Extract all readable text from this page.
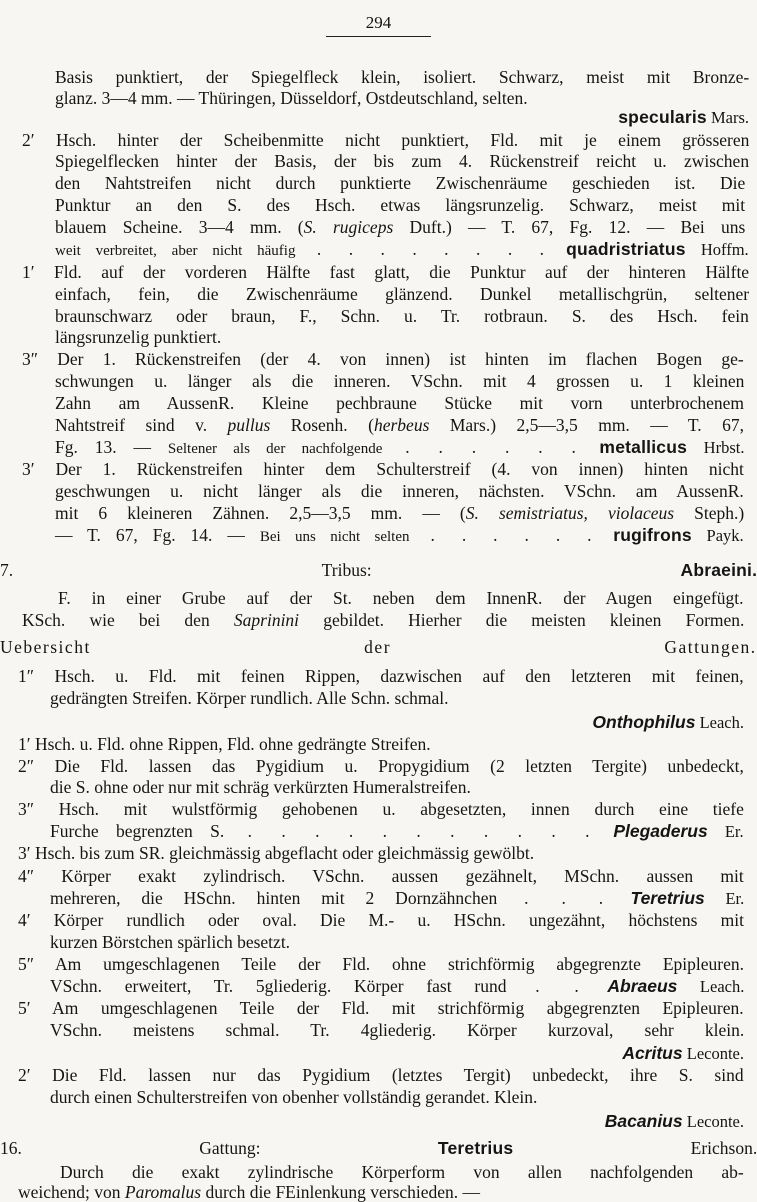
294
Basis punktiert, der Spiegelfleck klein, isoliert. Schwarz, meist mit Bronze-
glanz. 3—4 mm. — Thüringen, Düsseldorf, Ostdeutschland, selten.
specularis Mars.
2′ Hsch. hinter der Scheibenmitte nicht punktiert, Fld. mit je einem grösseren
Spiegelflecken hinter der Basis, der bis zum 4. Rückenstreif reicht u. zwischen
den Nahtstreifen nicht durch punktierte Zwischenräume geschieden ist. Die
Punktur an den S. des Hsch. etwas längsrunzelig. Schwarz, meist mit
blauem Scheine. 3—4 mm. (S. rugiceps Duft.) — T. 67, Fg. 12. — Bei uns
weit verbreitet, aber nicht häufig . . . . . . . . quadristriatus Hoffm.
1′ Fld. auf der vorderen Hälfte fast glatt, die Punktur auf der hinteren Hälfte
einfach, fein, die Zwischenräume glänzend. Dunkel metallischgrün, seltener
braunschwarz oder braun, F., Schn. u. Tr. rotbraun. S. des Hsch. fein
längsrunzelig punktiert.
3″ Der 1. Rückenstreifen (der 4. von innen) ist hinten im flachen Bogen ge-
schwungen u. länger als die inneren. VSchn. mit 4 grossen u. 1 kleinen
Zahn am AussenR. Kleine pechbraune Stücke mit vorn unterbrochenem
Nahtstreif sind v. pullus Rosenh. (herbeus Mars.) 2,5—3,5 mm. — T. 67,
Fg. 13. — Seltener als der nachfolgende . . . . . . metallicus Hrbst.
3′ Der 1. Rückenstreifen hinter dem Schulterstreif (4. von innen) hinten nicht
geschwungen u. nicht länger als die inneren, nächsten. VSchn. am AussenR.
mit 6 kleineren Zähnen. 2,5—3,5 mm. — (S. semistriatus, violaceus Steph.)
— T. 67, Fg. 14. — Bei uns nicht selten . . . . . . rugifrons Payk.
7. Tribus: Abraeini.
F. in einer Grube auf der St. neben dem InnenR. der Augen eingefügt.
KSch. wie bei den Saprinini gebildet. Hierher die meisten kleinen Formen.
Uebersicht der Gattungen.
1″ Hsch. u. Fld. mit feinen Rippen, dazwischen auf den letzteren mit feinen,
gedrängten Streifen. Körper rundlich. Alle Schn. schmal.
Onthophilus Leach.
1′ Hsch. u. Fld. ohne Rippen, Fld. ohne gedrängte Streifen.
2″ Die Fld. lassen das Pygidium u. Propygidium (2 letzten Tergite) unbedeckt,
die S. ohne oder nur mit schräg verkürzten Humeralstreifen.
3″ Hsch. mit wulstförmig gehobenen u. abgesetzten, innen durch eine tiefe
Furche begrenzten S. . . . . . . . . . . . Plegaderus Er.
3′ Hsch. bis zum SR. gleichmässig abgeflacht oder gleichmässig gewölbt.
4″ Körper exakt zylindrisch. VSchn. aussen gezähnelt, MSchn. aussen mit
mehreren, die HSchn. hinten mit 2 Dornzähnchen . . . Teretrius Er.
4′ Körper rundlich oder oval. Die M.- u. HSchn. ungezähnt, höchstens mit
kurzen Börstchen spärlich besetzt.
5″ Am umgeschlagenen Teile der Fld. ohne strichförmig abgegrenzte Epipleuren.
VSchn. erweitert, Tr. 5gliederig. Körper fast rund . . Abraeus Leach.
5′ Am umgeschlagenen Teile der Fld. mit strichförmig abgegrenzten Epipleuren.
VSchn. meistens schmal. Tr. 4gliederig. Körper kurzoval, sehr klein.
Acritus Leconte.
2′ Die Fld. lassen nur das Pygidium (letztes Tergit) unbedeckt, ihre S. sind
durch einen Schulterstreifen von obenher vollständig gerandet. Klein.
Bacanius Leconte.
16. Gattung: Teretrius Erichson.
Durch die exakt zylindrische Körperform von allen nachfolgenden ab-
weichend; von Paromalus durch die FEinlenkung verschieden. —
